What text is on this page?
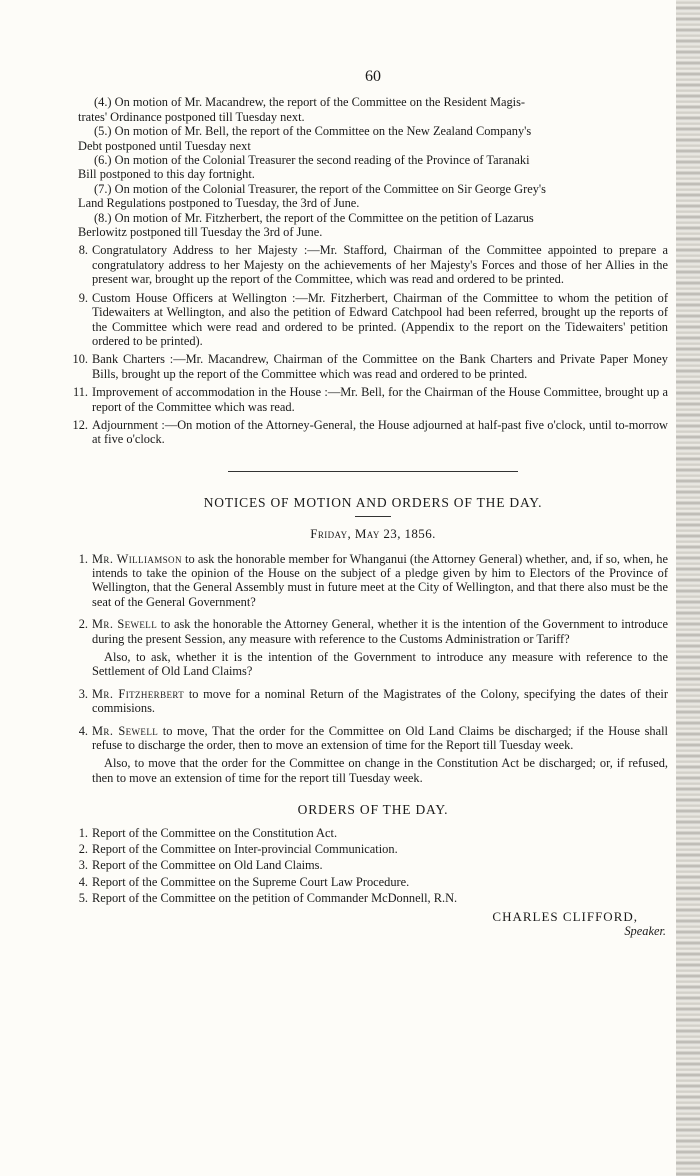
60
(4.) On motion of Mr. Macandrew, the report of the Committee on the Resident Magis-
trates' Ordinance postponed till Tuesday next.
(5.) On motion of Mr. Bell, the report of the Committee on the New Zealand Company's
Debt postponed until Tuesday next
(6.) On motion of the Colonial Treasurer the second reading of the Province of Taranaki
Bill postponed to this day fortnight.
(7.) On motion of the Colonial Treasurer, the report of the Committee on Sir George Grey's
Land Regulations postponed to Tuesday, the 3rd of June.
(8.) On motion of Mr. Fitzherbert, the report of the Committee on the petition of Lazarus
Berlowitz postponed till Tuesday the 3rd of June.
8. Congratulatory Address to her Majesty :—Mr. Stafford, Chairman of the Committee appointed to prepare a congratulatory address to her Majesty on the achievements of her Majesty's Forces and those of her Allies in the present war, brought up the report of the Committee, which was read and ordered to be printed.
9. Custom House Officers at Wellington :—Mr. Fitzherbert, Chairman of the Committee to whom the petition of Tidewaiters at Wellington, and also the petition of Edward Catchpool had been referred, brought up the reports of the Committee which were read and ordered to be printed. (Appendix to the report on the Tidewaiters' petition ordered to be printed).
10. Bank Charters :—Mr. Macandrew, Chairman of the Committee on the Bank Charters and Private Paper Money Bills, brought up the report of the Committee which was read and ordered to be printed.
11. Improvement of accommodation in the House :—Mr. Bell, for the Chairman of the House Committee, brought up a report of the Committee which was read.
12. Adjournment :—On motion of the Attorney-General, the House adjourned at half-past five o'clock, until to-morrow at five o'clock.
NOTICES OF MOTION AND ORDERS OF THE DAY.
Friday, May 23, 1856.
1. Mr. Williamson to ask the honorable member for Whanganui (the Attorney General) whether, and, if so, when, he intends to take the opinion of the House on the subject of a pledge given by him to Electors of the Province of Wellington, that the General Assembly must in future meet at the City of Wellington, and that there also must be the seat of the General Government?
2. Mr. Sewell to ask the honorable the Attorney General, whether it is the intention of the Government to introduce during the present Session, any measure with reference to the Customs Administration or Tariff?
Also, to ask, whether it is the intention of the Government to introduce any measure with reference to the Settlement of Old Land Claims?
3. Mr. Fitzherbert to move for a nominal Return of the Magistrates of the Colony, specifying the dates of their commisions.
4. Mr. Sewell to move, That the order for the Committee on Old Land Claims be discharged; if the House shall refuse to discharge the order, then to move an extension of time for the Report till Tuesday week.
Also, to move that the order for the Committee on change in the Constitution Act be discharged; or, if refused, then to move an extension of time for the report till Tuesday week.
ORDERS OF THE DAY.
1. Report of the Committee on the Constitution Act.
2. Report of the Committee on Inter-provincial Communication.
3. Report of the Committee on Old Land Claims.
4. Report of the Committee on the Supreme Court Law Procedure.
5. Report of the Committee on the petition of Commander McDonnell, R.N.
CHARLES CLIFFORD,
Speaker.
